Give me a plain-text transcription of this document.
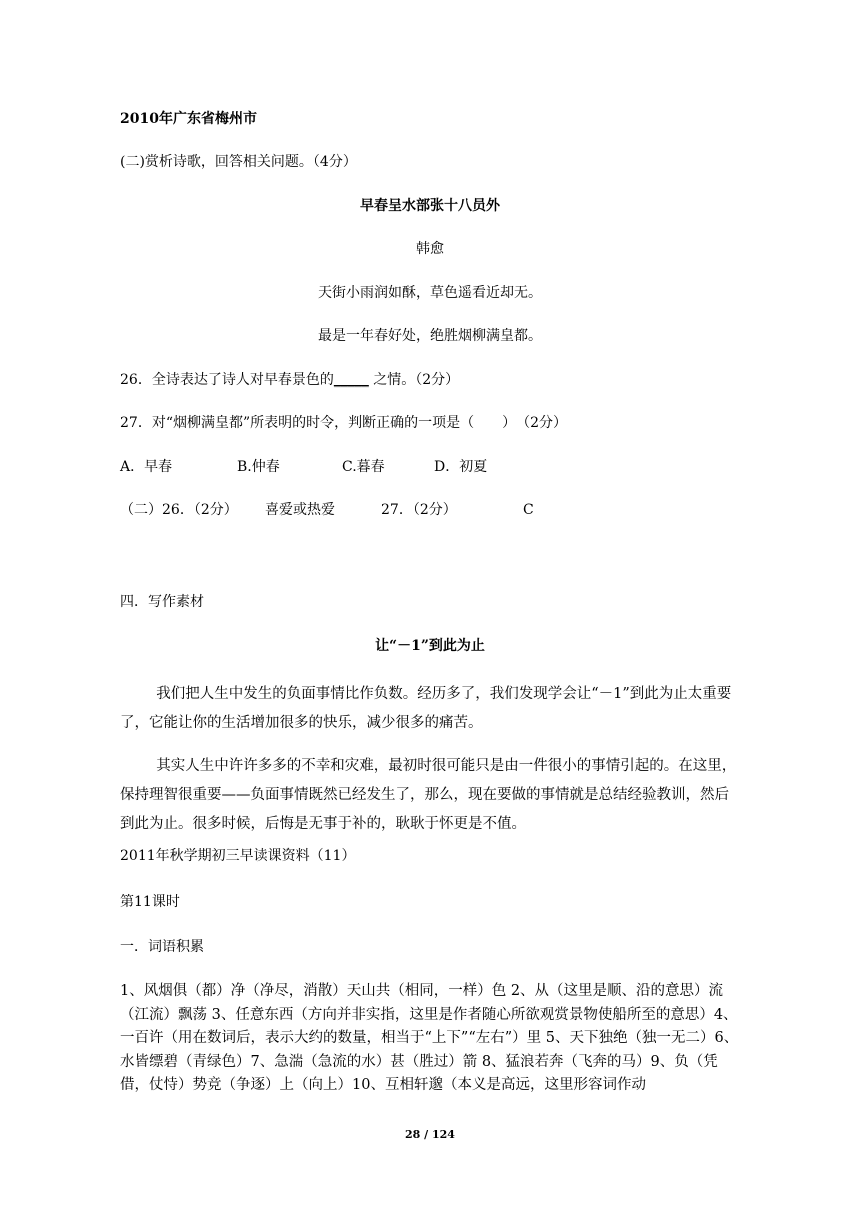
2010年广东省梅州市
(二)赏析诗歌，回答相关问题。（4分）
早春呈水部张十八员外
韩愈
天街小雨润如酥，草色遥看近却无。
最是一年春好处，绝胜烟柳满皇都。
26．全诗表达了诗人对早春景色的_____ 之情。（2分）
27．对“烟柳满皇都”所表明的时令，判断正确的一项是（　　）　（2分）
A．早春	B.仲春	C.暮春	D．初夏
（二）26．（2分） 喜爱或热爱	27．（2分）	C
四．写作素材
让“－1”到此为止

我们把人生中发生的负面事情比作负数。经历多了，我们发现学会让“－1”到此为止太重要了，它能让你的生活增加很多的快乐，减少很多的痛苦。

其实人生中许许多多的不幸和灾难，最初时很可能只是由一件很小的事情引起的。在这里，保持理智很重要——负面事情既然已经发生了，那么，现在要做的事情就是总结经验教训，然后到此为止。很多时候，后悔是无事于补的，耿耿于怀更是不值。

2011年秋学期初三早读课资料（11）
第11课时
一．词语积累

1、风烟俱（都）净（净尽，消散）天山共（相同，一样）色 2、从（这里是顺、沿的意思）流（江流）飘荡 3、任意东西（方向并非实指，这里是作者随心所欲观赏景物使船所至的意思）4、一百许（用在数词后，表示大约的数量，相当于“上下”“左右”）里 5、天下独绝（独一无二）6、水皆缥碧（青绿色）7、急湍（急流的水）甚（胜过）箭 8、猛浪若奔（飞奔的马）9、负（凭借，仗恃）势竞（争逐）上（向上）10、互相轩邈（本义是高远，这里形容词作动

28 / 124
